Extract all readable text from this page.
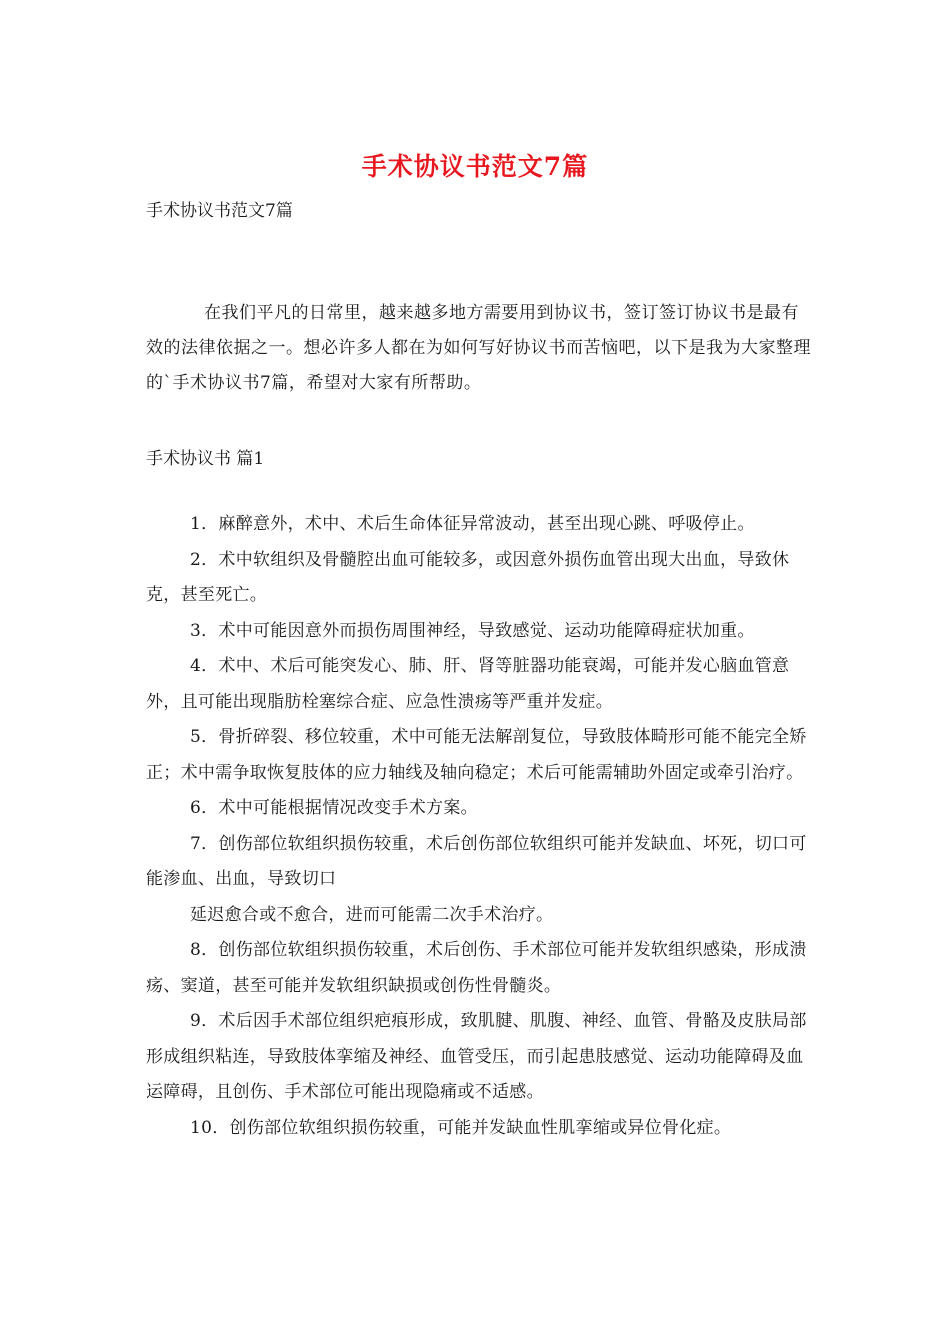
手术协议书范文7篇
手术协议书范文7篇

在我们平凡的日常里，越来越多地方需要用到协议书，签订签订协议书是最有效的法律依据之一。想必许多人都在为如何写好协议书而苦恼吧，以下是我为大家整理的`手术协议书7篇，希望对大家有所帮助。

手术协议书 篇1

1．麻醉意外，术中、术后生命体征异常波动，甚至出现心跳、呼吸停止。

2．术中软组织及骨髓腔出血可能较多，或因意外损伤血管出现大出血，导致休克，甚至死亡。

3．术中可能因意外而损伤周围神经，导致感觉、运动功能障碍症状加重。

4．术中、术后可能突发心、肺、肝、肾等脏器功能衰竭，可能并发心脑血管意外，且可能出现脂肪栓塞综合症、应急性溃疡等严重并发症。

5．骨折碎裂、移位较重，术中可能无法解剖复位，导致肢体畸形可能不能完全矫正；术中需争取恢复肢体的应力轴线及轴向稳定；术后可能需辅助外固定或牵引治疗。

6．术中可能根据情况改变手术方案。

7．创伤部位软组织损伤较重，术后创伤部位软组织可能并发缺血、坏死，切口可能渗血、出血，导致切口

延迟愈合或不愈合，进而可能需二次手术治疗。

8．创伤部位软组织损伤较重，术后创伤、手术部位可能并发软组织感染，形成溃疡、窦道，甚至可能并发软组织缺损或创伤性骨髓炎。

9．术后因手术部位组织疤痕形成，致肌腱、肌腹、神经、血管、骨骼及皮肤局部形成组织粘连，导致肢体挛缩及神经、血管受压，而引起患肢感觉、运动功能障碍及血运障碍，且创伤、手术部位可能出现隐痛或不适感。

10．创伤部位软组织损伤较重，可能并发缺血性肌挛缩或异位骨化症。
